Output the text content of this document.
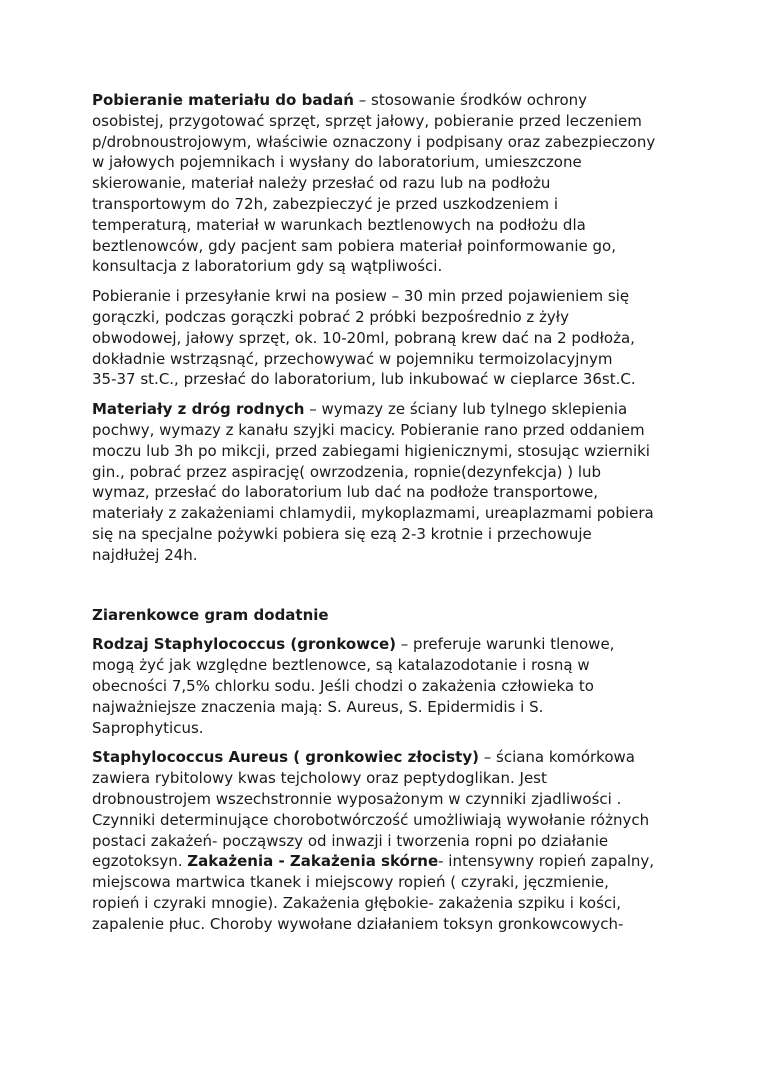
Pobieranie materiału do badań – stosowanie środków ochrony
osobistej, przygotować sprzęt, sprzęt jałowy, pobieranie przed leczeniem
p/drobnoustrojowym, właściwie oznaczony i podpisany oraz zabezpieczony
w jałowych pojemnikach i wysłany do laboratorium, umieszczone
skierowanie, materiał należy przesłać od razu lub na podłożu
transportowym do 72h, zabezpieczyć je przed uszkodzeniem i
temperaturą, materiał w warunkach beztlenowych na podłożu dla
beztlenowców, gdy pacjent sam pobiera materiał poinformowanie go,
konsultacja z laboratorium gdy są wątpliwości.

Pobieranie i przesyłanie krwi na posiew – 30 min przed pojawieniem się
gorączki, podczas gorączki pobrać 2 próbki bezpośrednio z żyły
obwodowej, jałowy sprzęt, ok. 10-20ml, pobraną krew dać na 2 podłoża,
dokładnie wstrząsnąć, przechowywać w pojemniku termoizolacyjnym
35-37 st.C., przesłać do laboratorium, lub inkubować w cieplarce 36st.C.

Materiały z dróg rodnych – wymazy ze ściany lub tylnego sklepienia
pochwy, wymazy z kanału szyjki macicy. Pobieranie rano przed oddaniem
moczu lub 3h po mikcji, przed zabiegami higienicznymi, stosując wzierniki
gin., pobrać przez aspirację( owrzodzenia, ropnie(dezynfekcja) ) lub
wymaz, przesłać do laboratorium lub dać na podłoże transportowe,
materiały z zakażeniami chlamydii, mykoplazmami, ureaplazmami pobiera
się na specjalne pożywki pobiera się ezą 2-3 krotnie i przechowuje
najdłużej 24h.

Ziarenkowce gram dodatnie

Rodzaj Staphylococcus (gronkowce) – preferuje warunki tlenowe,
mogą żyć jak względne beztlenowce, są katalazodotanie i rosną w
obecności 7,5% chlorku sodu. Jeśli chodzi o zakażenia człowieka to
najważniejsze znaczenia mają: S. Aureus, S. Epidermidis i S.
Saprophyticus.

Staphylococcus Aureus ( gronkowiec złocisty) – ściana komórkowa
zawiera rybitolowy kwas tejcholowy oraz peptydoglikan. Jest
drobnoustrojem wszechstronnie wyposażonym w czynniki zjadliwości .
Czynniki determinujące chorobotwórczość umożliwiają wywołanie różnych
postaci zakażeń- począwszy od inwazji i tworzenia ropni po działanie
egzotoksyn. Zakażenia - Zakażenia skórne- intensywny ropień zapalny,
miejscowa martwica tkanek i miejscowy ropień ( czyraki, jęczmienie,
ropień i czyraki mnogie). Zakażenia głębokie- zakażenia szpiku i kości,
zapalenie płuc. Choroby wywołane działaniem toksyn gronkowcowych-
